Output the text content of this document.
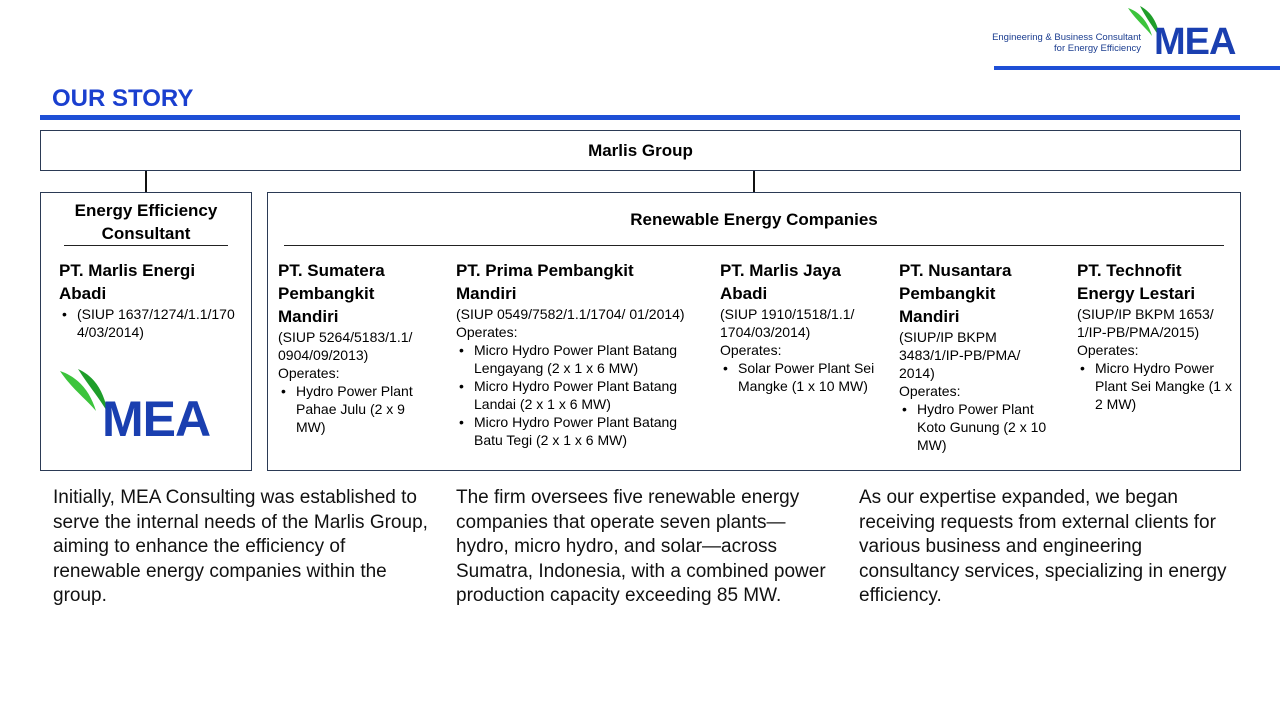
Engineering & Business Consultant
for Energy Efficiency MEA
OUR STORY
Marlis Group
Energy Efficiency
Consultant
PT. Marlis Energi Abadi
• (SIUP 1637/1274/1.1/1704/03/2014)
MEA
Renewable Energy Companies
PT. Sumatera Pembangkit Mandiri
(SIUP 5264/5183/1.1/ 0904/09/2013)
Operates:
• Hydro Power Plant Pahae Julu (2 x 9 MW)
PT. Prima Pembangkit Mandiri
(SIUP 0549/7582/1.1/1704/ 01/2014)
Operates:
• Micro Hydro Power Plant Batang Lengayang (2 x 1 x 6 MW)
• Micro Hydro Power Plant Batang Landai (2 x 1 x 6 MW)
• Micro Hydro Power Plant Batang Batu Tegi (2 x 1 x 6 MW)
PT. Marlis Jaya Abadi
(SIUP 1910/1518/1.1/ 1704/03/2014)
Operates:
• Solar Power Plant Sei Mangke (1 x 10 MW)
PT. Nusantara Pembangkit Mandiri
(SIUP/IP BKPM 3483/1/IP-PB/PMA/ 2014)
Operates:
• Hydro Power Plant Koto Gunung (2 x 10 MW)
PT. Technofit Energy Lestari
(SIUP/IP BKPM 1653/ 1/IP-PB/PMA/2015)
Operates:
• Micro Hydro Power Plant Sei Mangke (1 x 2 MW)
Initially, MEA Consulting was established to serve the internal needs of the Marlis Group, aiming to enhance the efficiency of renewable energy companies within the group.
The firm oversees five renewable energy companies that operate seven plants—hydro, micro hydro, and solar—across Sumatra, Indonesia, with a combined power production capacity exceeding 85 MW.
As our expertise expanded, we began receiving requests from external clients for various business and engineering consultancy services, specializing in energy efficiency.
